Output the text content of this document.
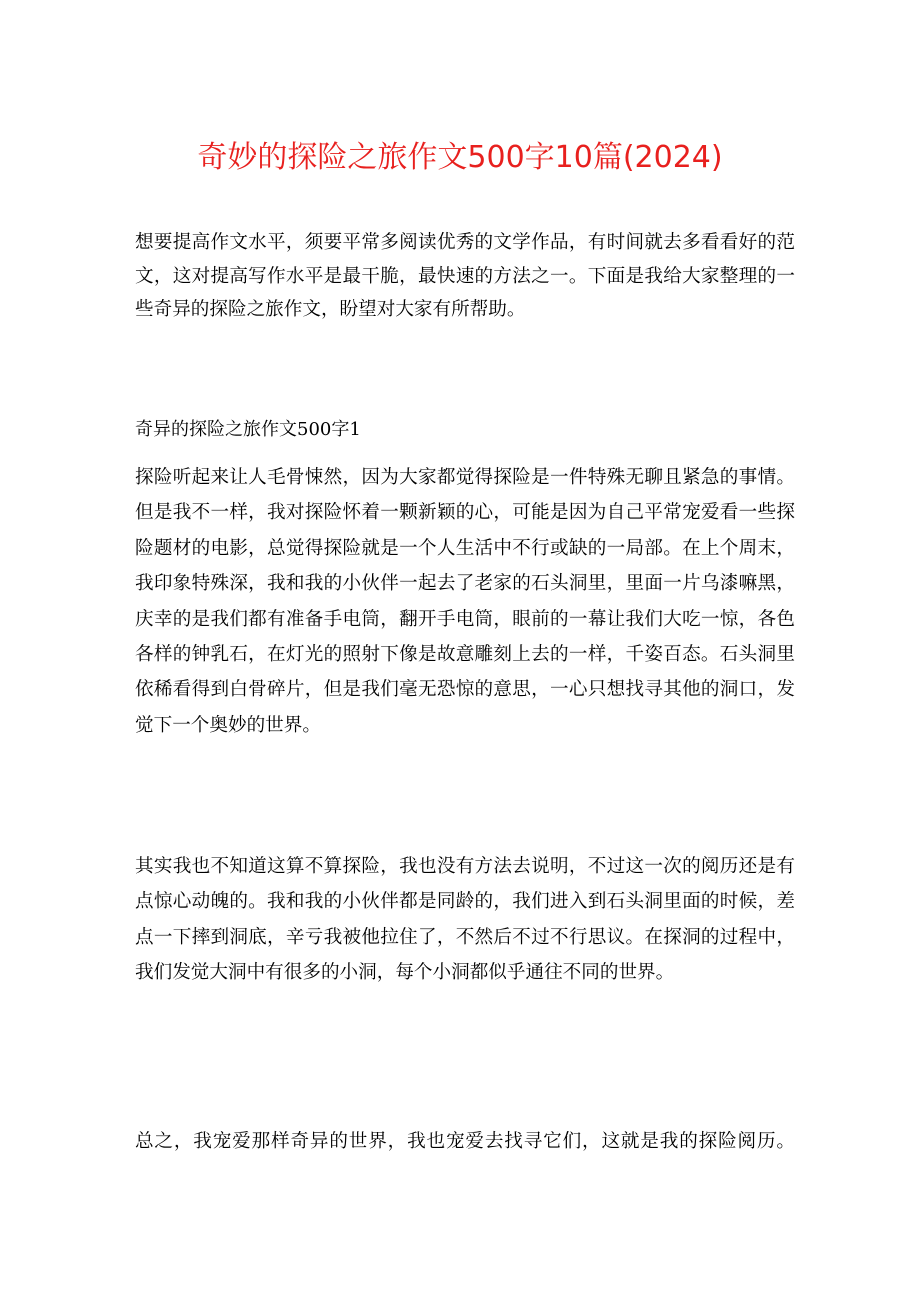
奇妙的探险之旅作文500字10篇(2024)
想要提高作文水平，须要平常多阅读优秀的文学作品，有时间就去多看看好的范文，这对提高写作水平是最干脆，最快速的方法之一。下面是我给大家整理的一些奇异的探险之旅作文，盼望对大家有所帮助。
奇异的探险之旅作文500字1
探险听起来让人毛骨悚然，因为大家都觉得探险是一件特殊无聊且紧急的事情。但是我不一样，我对探险怀着一颗新颖的心，可能是因为自己平常宠爱看一些探险题材的电影，总觉得探险就是一个人生活中不行或缺的一局部。在上个周末，我印象特殊深，我和我的小伙伴一起去了老家的石头洞里，里面一片乌漆嘛黑，庆幸的是我们都有准备手电筒，翻开手电筒，眼前的一幕让我们大吃一惊，各色各样的钟乳石，在灯光的照射下像是故意雕刻上去的一样，千姿百态。石头洞里依稀看得到白骨碎片，但是我们毫无恐惊的意思，一心只想找寻其他的洞口，发觉下一个奥妙的世界。
其实我也不知道这算不算探险，我也没有方法去说明，不过这一次的阅历还是有点惊心动魄的。我和我的小伙伴都是同龄的，我们进入到石头洞里面的时候，差点一下摔到洞底，辛亏我被他拉住了，不然后不过不行思议。在探洞的过程中，我们发觉大洞中有很多的小洞，每个小洞都似乎通往不同的世界。
总之，我宠爱那样奇异的世界，我也宠爱去找寻它们，这就是我的探险阅历。
